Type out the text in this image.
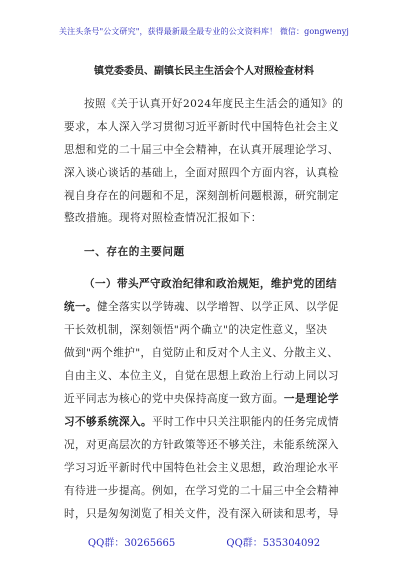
关注头条号"公文研究"，获得最新最全最专业的公文资料库！ 微信：gongwenyj
镇党委委员、副镇长民主生活会个人对照检查材料
按照《关于认真开好2024年度民主生活会的通知》的
要求，本人深入学习贯彻习近平新时代中国特色社会主义
思想和党的二十届三中全会精神，在认真开展理论学习、
深入谈心谈话的基础上，全面对照四个方面内容，认真检
视自身存在的问题和不足，深刻剖析问题根源，研究制定
整改措施。现将对照检查情况汇报如下：
一、存在的主要问题
（一）带头严守政治纪律和政治规矩，维护党的团结
统一。健全落实以学铸魂、以学增智、以学正风、以学促
干长效机制，深刻领悟"两个确立"的决定性意义，坚决
做到"两个维护"，自觉防止和反对个人主义、分散主义、
自由主义、本位主义，自觉在思想上政治上行动上同以习
近平同志为核心的党中央保持高度一致方面。一是理论学
习不够系统深入。平时工作中只关注职能内的任务完成情
况，对更高层次的方针政策等还不够关注，未能系统深入
学习习近平新时代中国特色社会主义思想，政治理论水平
有待进一步提高。例如，在学习党的二十届三中全会精神
时，只是匆匆浏览了相关文件，没有深入研读和思考，导
QQ群：30265665	QQ群：535304092
